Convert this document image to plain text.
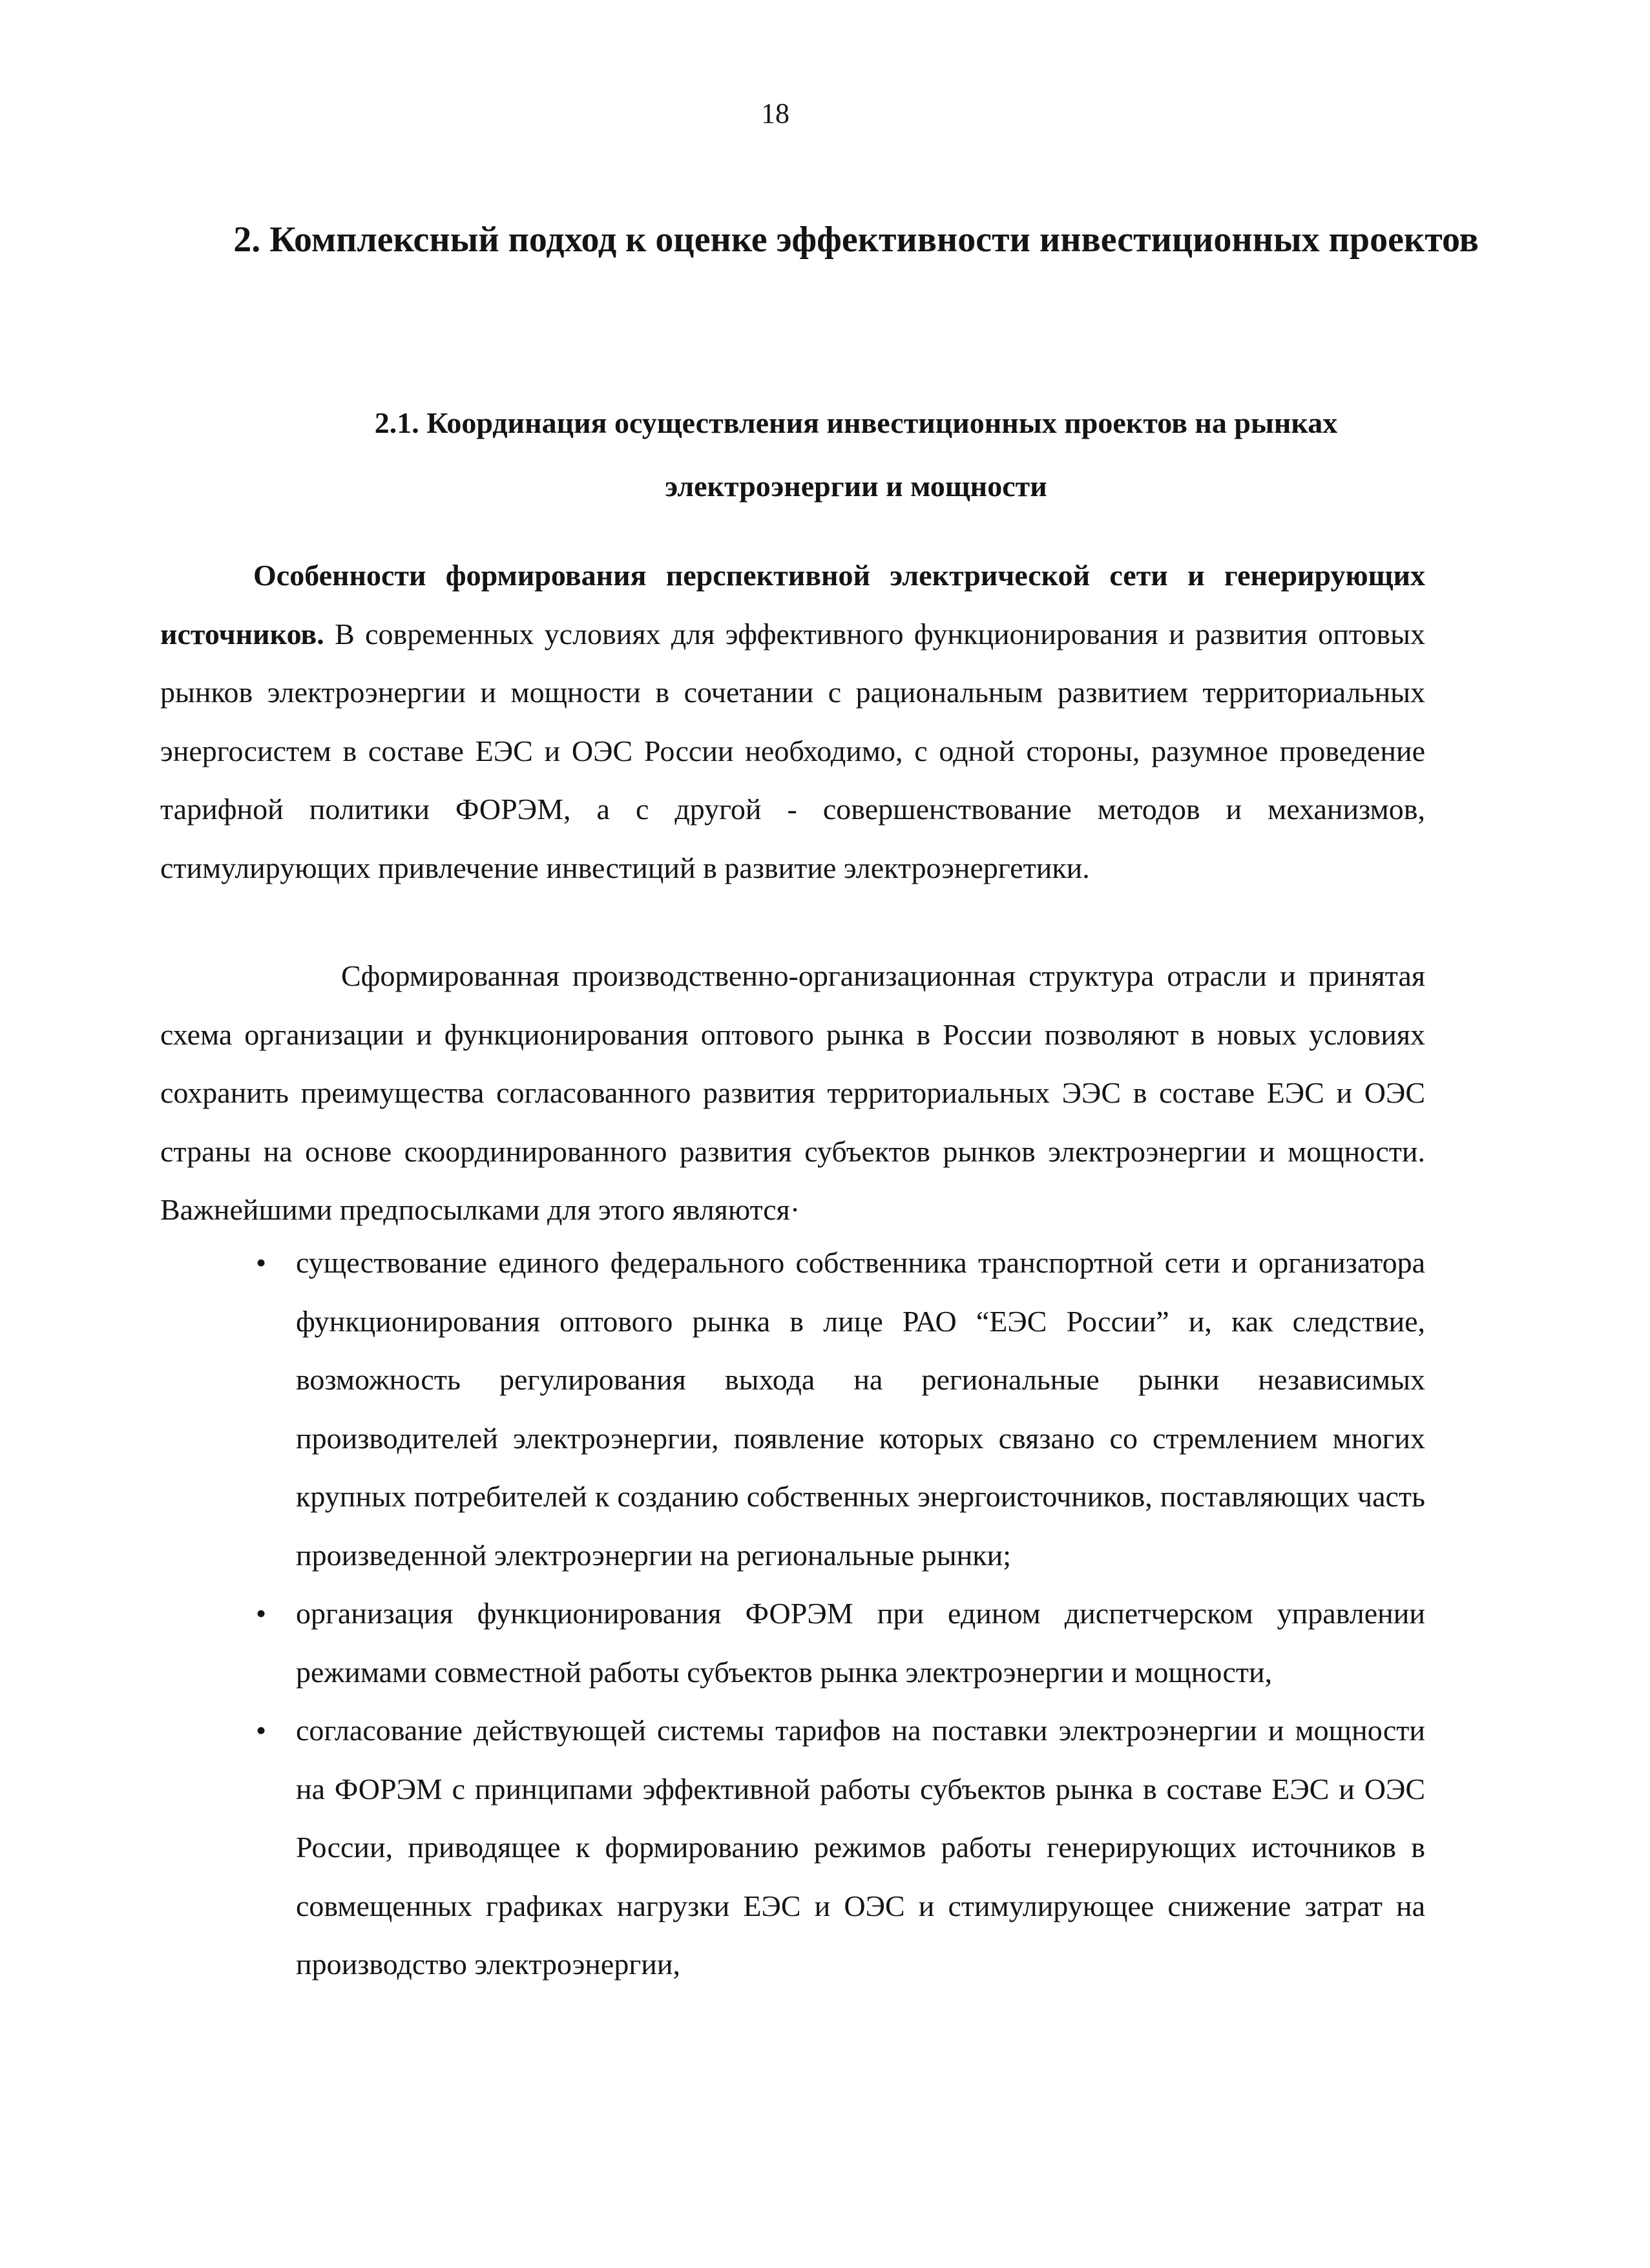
18
2. Комплексный подход к оценке эффективности инвестиционных проектов
2.1. Координация осуществления инвестиционных проектов на рынках электроэнергии и мощности

Особенности формирования перспективной электрической сети и генерирующих источников. В современных условиях для эффективного функционирования и развития оптовых рынков электроэнергии и мощности в сочетании с рациональным развитием территориальных энергосистем в составе ЕЭС и ОЭС России необходимо, с одной стороны, разумное проведение тарифной политики ФОРЭМ, а с другой - совершенствование методов и механизмов, стимулирующих привлечение инвестиций в развитие электроэнергетики.

Сформированная производственно-организационная структура отрасли и принятая схема организации и функционирования оптового рынка в России позволяют в новых условиях сохранить преимущества согласованного развития территориальных ЭЭС в составе ЕЭС и ОЭС страны на основе скоординированного развития субъектов рынков электроэнергии и мощности. Важнейшими предпосылками для этого являются·

• существование единого федерального собственника транспортной сети и организатора функционирования оптового рынка в лице РАО “ЕЭС России” и, как следствие, возможность регулирования выхода на региональные рынки независимых производителей электроэнергии, появление которых связано со стремлением многих крупных потребителей к созданию собственных энергоисточников, поставляющих часть произведенной электроэнергии на региональные рынки;
• организация функционирования ФОРЭМ при едином диспетчерском управлении режимами совместной работы субъектов рынка электроэнергии и мощности,
• согласование действующей системы тарифов на поставки электроэнергии и мощности на ФОРЭМ с принципами эффективной работы субъектов рынка в составе ЕЭС и ОЭС России, приводящее к формированию режимов работы генерирующих источников в совмещенных графиках нагрузки ЕЭС и ОЭС и стимулирующее снижение затрат на производство электроэнергии,
